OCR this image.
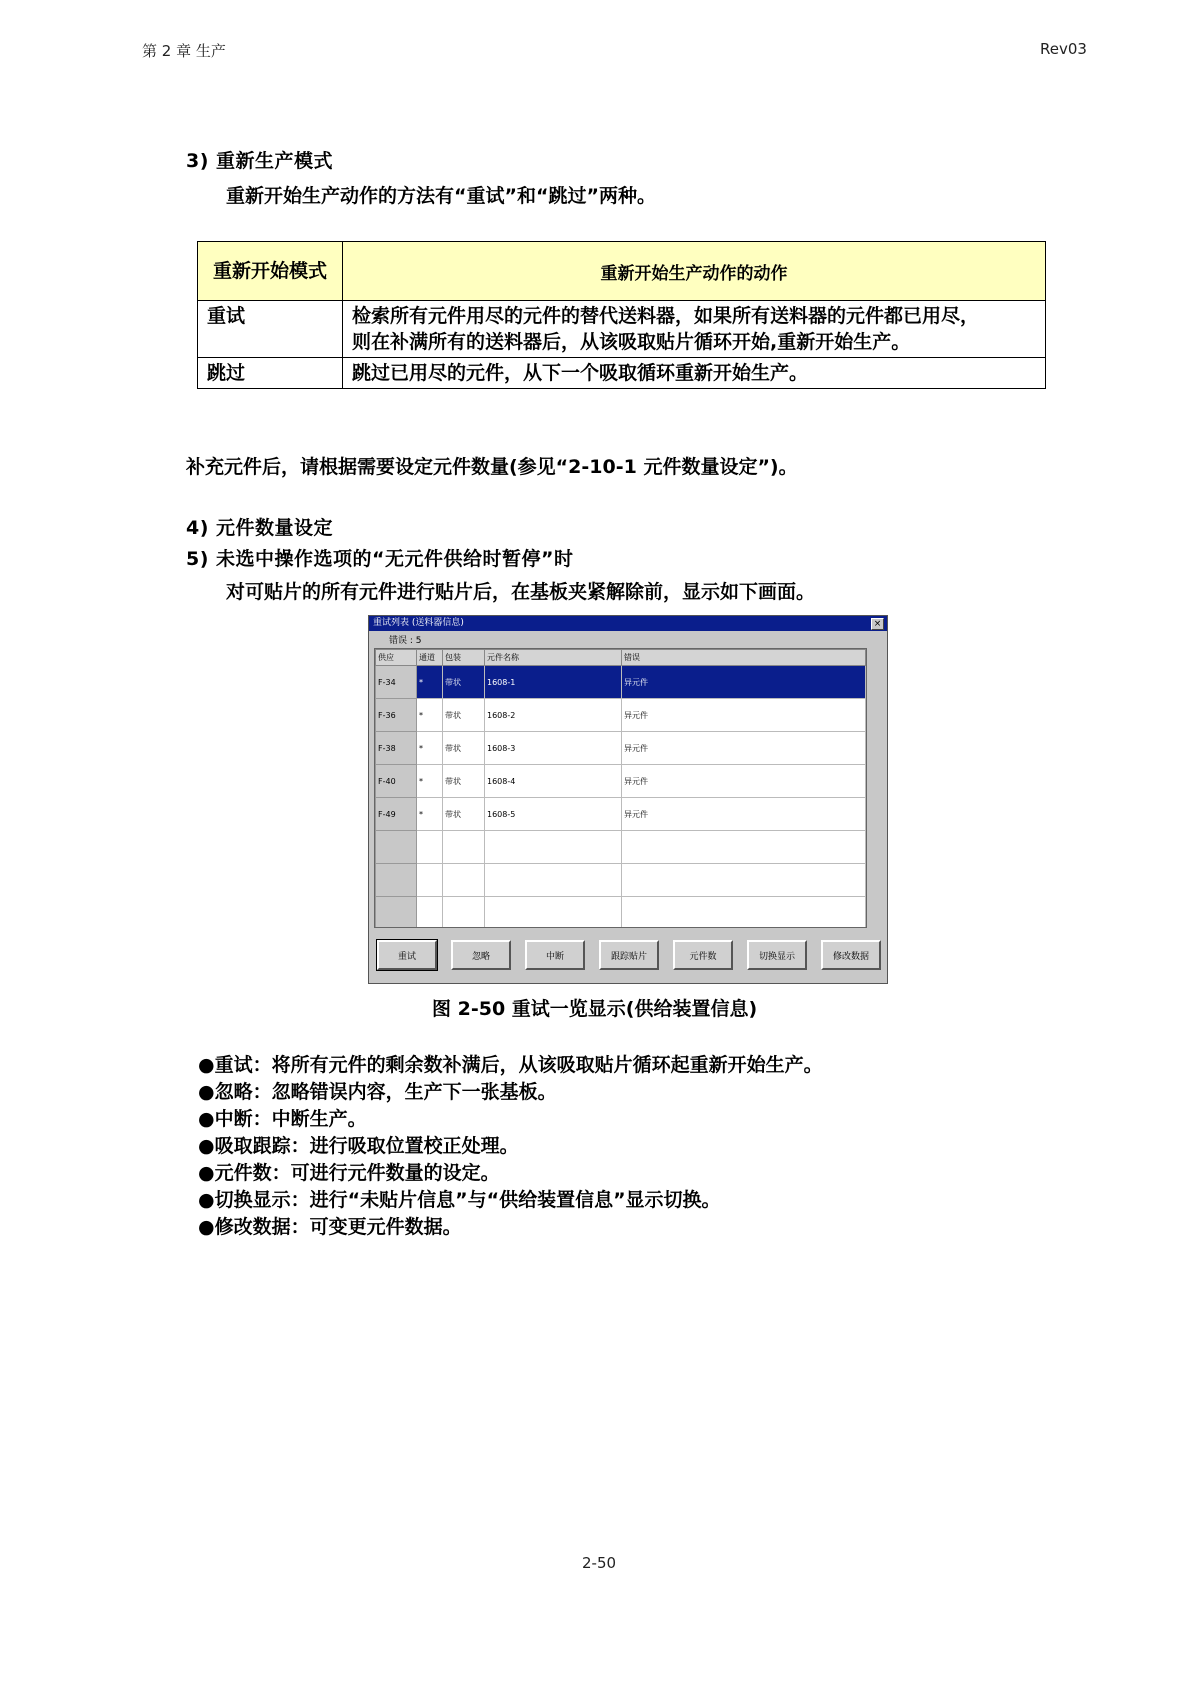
第 2 章 生产	Rev03
3) 重新生产模式
重新开始生产动作的方法有“重试”和“跳过”两种。
重新开始模式	重新开始生产动作的动作
重试	检索所有元件用尽的元件的替代送料器，如果所有送料器的元件都已用尽，
则在补满所有的送料器后，从该吸取贴片循环开始,重新开始生产。

跳过	跳过已用尽的元件，从下一个吸取循环重新开始生产。
补充元件后，请根据需要设定元件数量(参见“2-10-1 元件数量设定”)。
4) 元件数量设定
5) 未选中操作选项的“无元件供给时暂停”时
对可贴片的所有元件进行贴片后，在基板夹紧解除前，显示如下画面。
重试列表 (送料器信息)	×
错误 : 5
供应	通道	包装	元件名称	错误
F-34	*	带状	1608-1	异元件
F-36	*	带状	1608-2	异元件
F-38	*	带状	1608-3	异元件
F-40	*	带状	1608-4	异元件
F-49	*	带状	1608-5	异元件

重试	忽略	中断	跟踪贴片	元件数	切换显示	修改数据
图 2-50 重试一览显示(供给装置信息)
●重试：将所有元件的剩余数补满后，从该吸取贴片循环起重新开始生产。
●忽略：忽略错误内容，生产下一张基板。
●中断：中断生产。
●吸取跟踪：进行吸取位置校正处理。
●元件数：可进行元件数量的设定。
●切换显示：进行“未贴片信息”与“供给装置信息”显示切换。
●修改数据：可变更元件数据。
2-50
